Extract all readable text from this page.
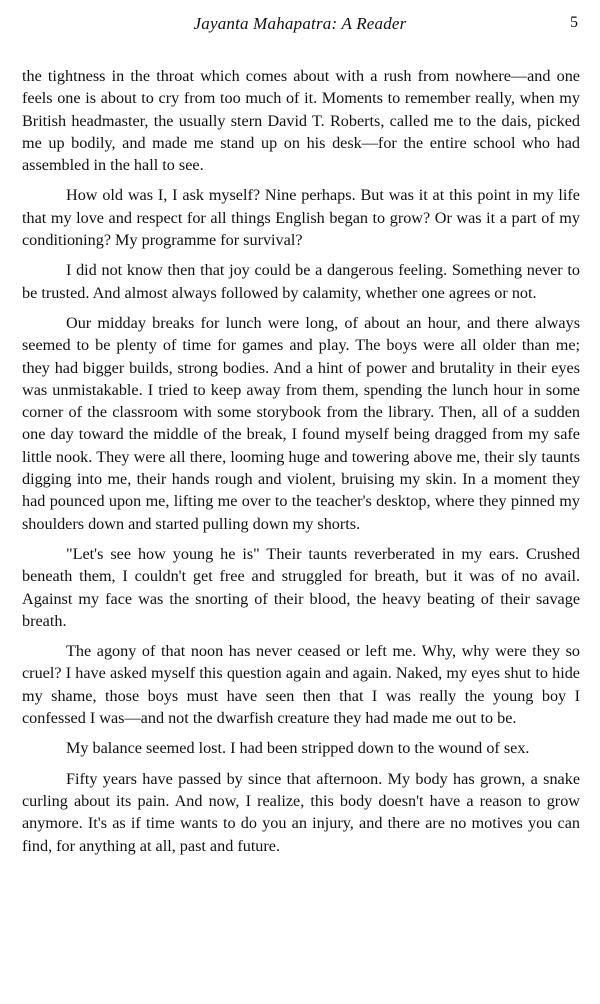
Jayanta Mahapatra: A Reader	5

the tightness in the throat which comes about with a rush from nowhere—and one feels one is about to cry from too much of it. Moments to remember really, when my British headmaster, the usually stern David T. Roberts, called me to the dais, picked me up bodily, and made me stand up on his desk—for the entire school who had assembled in the hall to see.

How old was I, I ask myself? Nine perhaps. But was it at this point in my life that my love and respect for all things English began to grow? Or was it a part of my conditioning? My programme for survival?

I did not know then that joy could be a dangerous feeling. Something never to be trusted. And almost always followed by calamity, whether one agrees or not.

Our midday breaks for lunch were long, of about an hour, and there always seemed to be plenty of time for games and play. The boys were all older than me; they had bigger builds, strong bodies. And a hint of power and brutality in their eyes was unmistakable. I tried to keep away from them, spending the lunch hour in some corner of the classroom with some storybook from the library. Then, all of a sudden one day toward the middle of the break, I found myself being dragged from my safe little nook. They were all there, looming huge and towering above me, their sly taunts digging into me, their hands rough and violent, bruising my skin. In a moment they had pounced upon me, lifting me over to the teacher's desktop, where they pinned my shoulders down and started pulling down my shorts.

"Let's see how young he is" Their taunts reverberated in my ears. Crushed beneath them, I couldn't get free and struggled for breath, but it was of no avail. Against my face was the snorting of their blood, the heavy beating of their savage breath.

The agony of that noon has never ceased or left me. Why, why were they so cruel? I have asked myself this question again and again. Naked, my eyes shut to hide my shame, those boys must have seen then that I was really the young boy I confessed I was—and not the dwarfish creature they had made me out to be.

My balance seemed lost. I had been stripped down to the wound of sex.

Fifty years have passed by since that afternoon. My body has grown, a snake curling about its pain. And now, I realize, this body doesn't have a reason to grow anymore. It's as if time wants to do you an injury, and there are no motives you can find, for anything at all, past and future.
